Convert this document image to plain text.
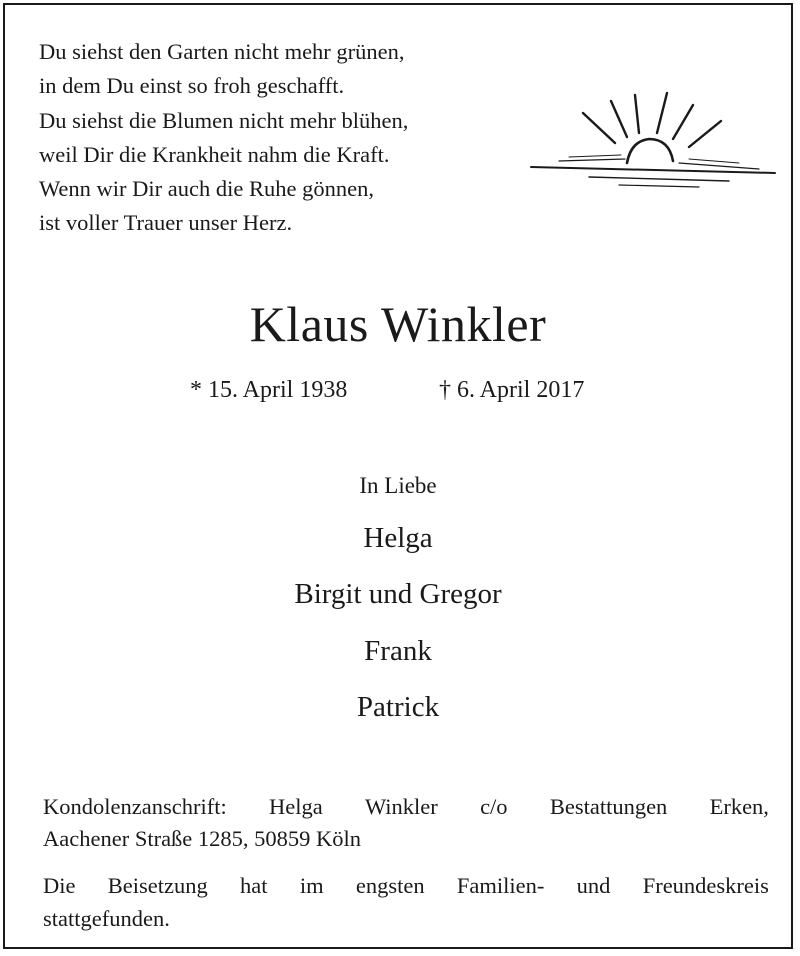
Du siehst den Garten nicht mehr grünen,
in dem Du einst so froh geschafft.
Du siehst die Blumen nicht mehr blühen,
weil Dir die Krankheit nahm die Kraft.
Wenn wir Dir auch die Ruhe gönnen,
ist voller Trauer unser Herz.
Klaus Winkler
* 15. April 1938	† 6. April 2017
In Liebe
Helga
Birgit und Gregor
Frank
Patrick
Kondolenzanschrift: Helga Winkler c/o Bestattungen Erken,
Aachener Straße 1285, 50859 Köln
Die Beisetzung hat im engsten Familien- und Freundeskreis
stattgefunden.
